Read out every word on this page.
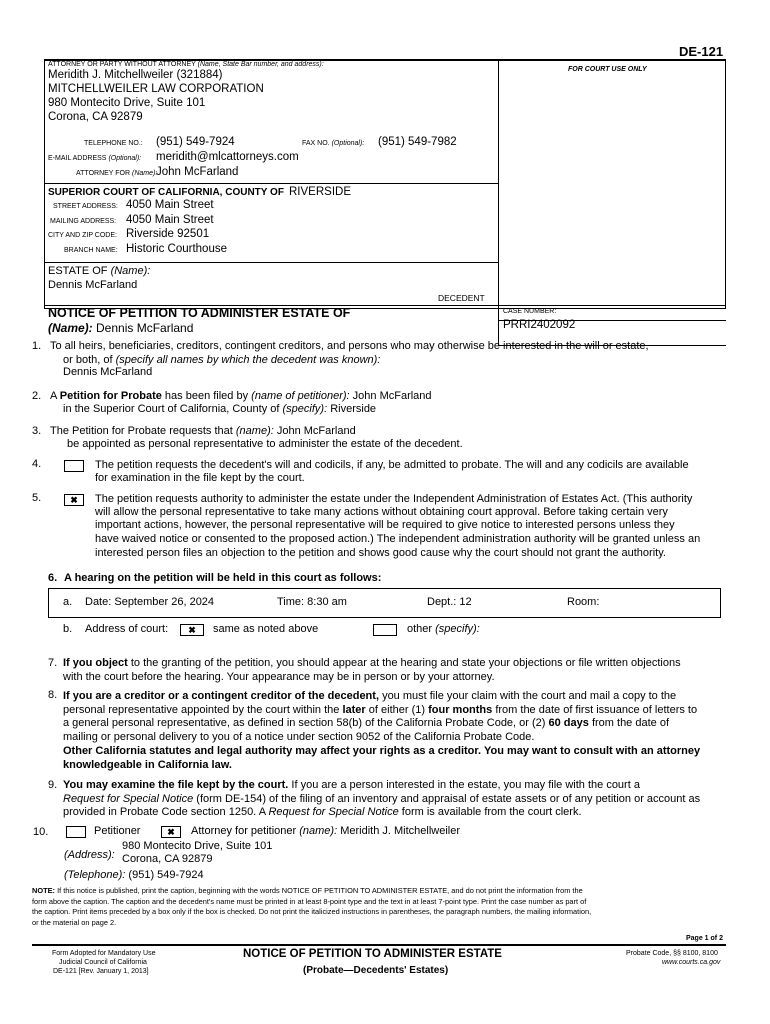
DE-121
ATTORNEY OR PARTY WITHOUT ATTORNEY (Name, State Bar number, and address):
FOR COURT USE ONLY
Meridith J. Mitchellweiler (321884)
MITCHELLWEILER LAW CORPORATION
980 Montecito Drive, Suite 101
Corona, CA 92879
TELEPHONE NO.: (951) 549-7924	FAX NO. (Optional): (951) 549-7982
E-MAIL ADDRESS (Optional): meridith@mlcattorneys.com
ATTORNEY FOR (Name):
John McFarland
SUPERIOR COURT OF CALIFORNIA, COUNTY OF RIVERSIDE
STREET ADDRESS: 4050 Main Street
MAILING ADDRESS: 4050 Main Street
CITY AND ZIP CODE: Riverside 92501
BRANCH NAME: Historic Courthouse
ESTATE OF (Name):
Dennis McFarland
DECEDENT
NOTICE OF PETITION TO ADMINISTER ESTATE OF
(Name): Dennis McFarland
CASE NUMBER:
PRRI2402092
1. To all heirs, beneficiaries, creditors, contingent creditors, and persons who may otherwise be interested in the will or estate,
or both, of (specify all names by which the decedent was known):
Dennis McFarland
2. A Petition for Probate has been filed by (name of petitioner): John McFarland
in the Superior Court of California, County of (specify): Riverside
3. The Petition for Probate requests that (name): John McFarland
be appointed as personal representative to administer the estate of the decedent.
4.	The petition requests the decedent's will and codicils, if any, be admitted to probate. The will and any codicils are available
for examination in the file kept by the court.
5.	✖	The petition requests authority to administer the estate under the Independent Administration of Estates Act. (This authority
will allow the personal representative to take many actions without obtaining court approval. Before taking certain very
important actions, however, the personal representative will be required to give notice to interested persons unless they
have waived notice or consented to the proposed action.) The independent administration authority will be granted unless an
interested person files an objection to the petition and shows good cause why the court should not grant the authority.
6. A hearing on the petition will be held in this court as follows:
a. Date: September 26, 2024	Time: 8:30 am	Dept.: 12	Room:
b. Address of court:	✖	same as noted above	other (specify):
7. If you object to the granting of the petition, you should appear at the hearing and state your objections or file written objections
with the court before the hearing. Your appearance may be in person or by your attorney.
8. If you are a creditor or a contingent creditor of the decedent, you must file your claim with the court and mail a copy to the
personal representative appointed by the court within the later of either (1) four months from the date of first issuance of letters to
a general personal representative, as defined in section 58(b) of the California Probate Code, or (2) 60 days from the date of
mailing or personal delivery to you of a notice under section 9052 of the California Probate Code.
Other California statutes and legal authority may affect your rights as a creditor. You may want to consult with an attorney
knowledgeable in California law.
9. You may examine the file kept by the court. If you are a person interested in the estate, you may file with the court a
Request for Special Notice (form DE-154) of the filing of an inventory and appraisal of estate assets or of any petition or account as
provided in Probate Code section 1250. A Request for Special Notice form is available from the court clerk.
10.	Petitioner	✖	Attorney for petitioner (name): Meridith J. Mitchellweiler
980 Montecito Drive, Suite 101
(Address): Corona, CA 92879
(Telephone): (951) 549-7924
NOTE: If this notice is published, print the caption, beginning with the words NOTICE OF PETITION TO ADMINISTER ESTATE, and do not print the information from the
form above the caption. The caption and the decedent's name must be printed in at least 8-point type and the text in at least 7-point type. Print the case number as part of
the caption. Print items preceded by a box only if the box is checked. Do not print the italicized instructions in parentheses, the paragraph numbers, the mailing information,
or the material on page 2.
Page 1 of 2
Form Adopted for Mandatory Use
Judicial Council of California
DE-121 [Rev. January 1, 2013]
NOTICE OF PETITION TO ADMINISTER ESTATE
(Probate—Decedents' Estates)
Probate Code, §§ 8100, 8100
www.courts.ca.gov
